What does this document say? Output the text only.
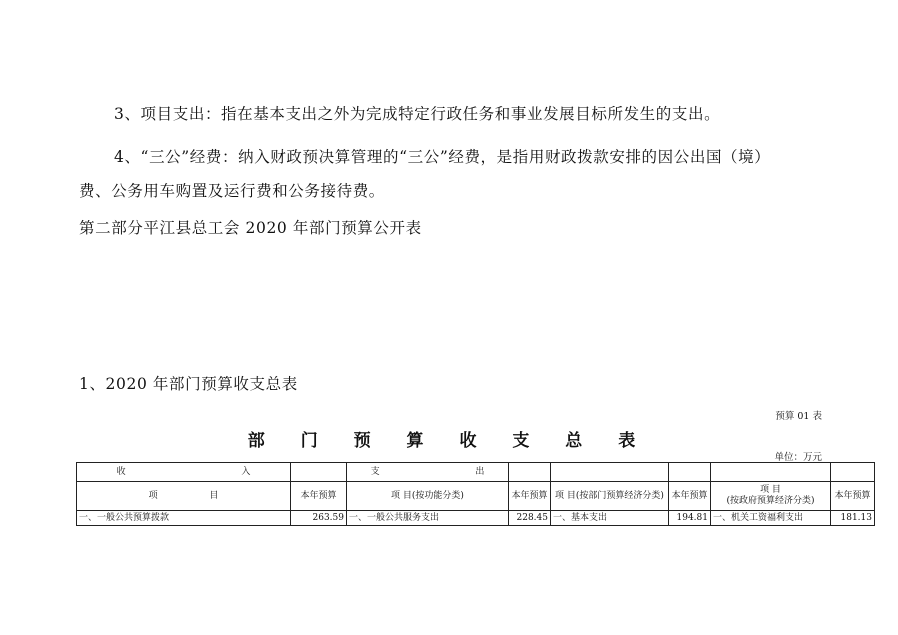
3、项目支出：指在基本支出之外为完成特定行政任务和事业发展目标所发生的支出。
4、“三公”经费：纳入财政预决算管理的“三公”经费，是指用财政拨款安排的因公出国（境）
费、公务用车购置及运行费和公务接待费。
第二部分平江县总工会 2020 年部门预算公开表
1、2020 年部门预算收支总表
预算 01 表
部 门 预 算 收 支 总 表
单位：万元
收 入		支 出					
项 目	本年预算	项 目(按功能分类)	本年预算	项 目(按部门预算经济分类)	本年预算	项 目
(按政府预算经济分类)	本年预算
一、一般公共预算拨款	263.59	一、一般公共服务支出	228.45	一、基本支出	194.81	一、机关工资福利支出	181.13
